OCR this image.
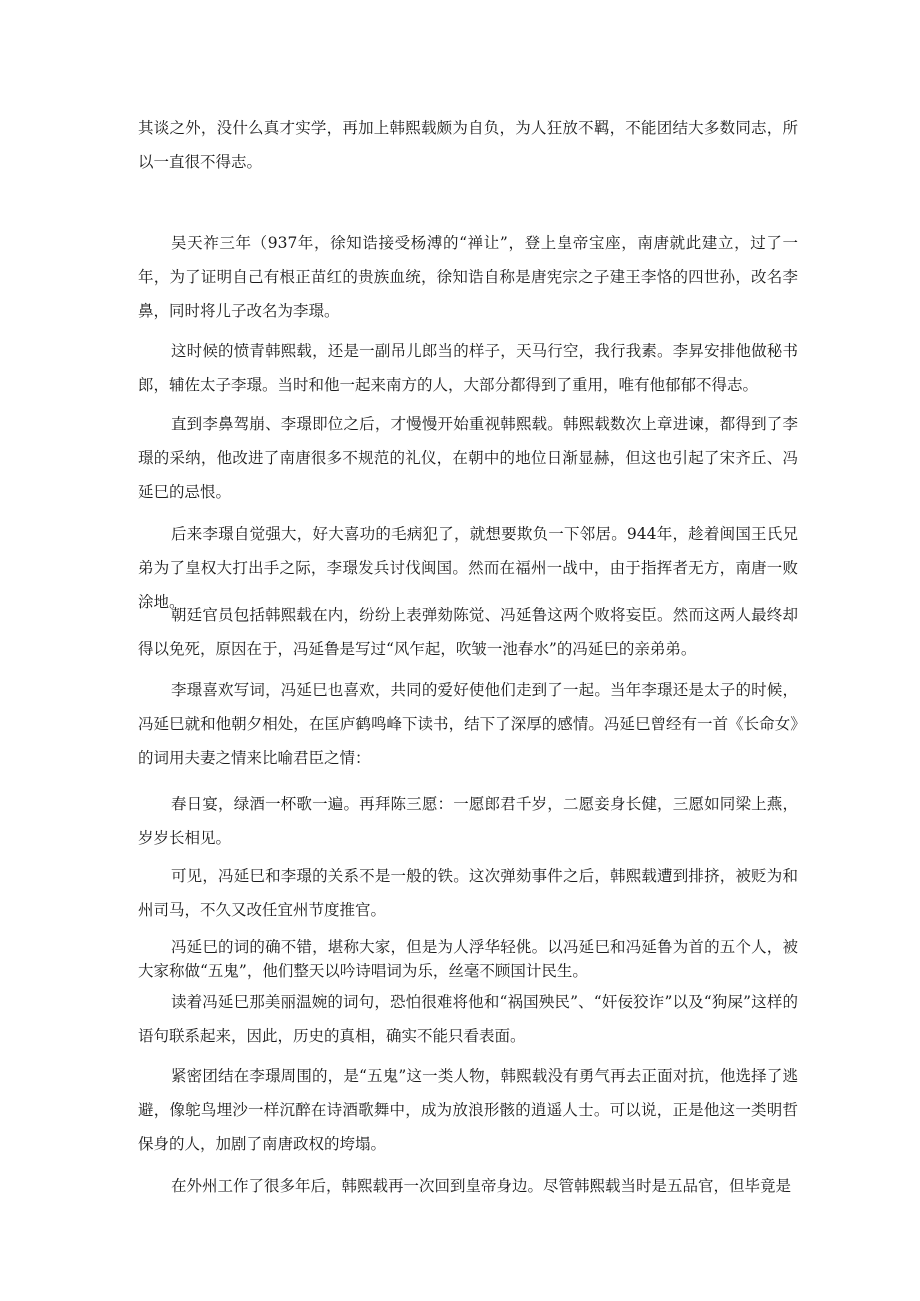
其谈之外，没什么真才实学，再加上韩熙载颇为自负，为人狂放不羁，不能团结大多数同志，所以一直很不得志。

吴天祚三年（937年，徐知诰接受杨溥的“禅让”，登上皇帝宝座，南唐就此建立，过了一年，为了证明自己有根正苗红的贵族血统，徐知诰自称是唐宪宗之子建王李恪的四世孙，改名李鼻，同时将儿子改名为李璟。

这时候的愤青韩熙载，还是一副吊儿郎当的样子，天马行空，我行我素。李昇安排他做秘书郎，辅佐太子李璟。当时和他一起来南方的人，大部分都得到了重用，唯有他郁郁不得志。

直到李鼻驾崩、李璟即位之后，才慢慢开始重视韩熙载。韩熙载数次上章进谏，都得到了李璟的采纳，他改进了南唐很多不规范的礼仪，在朝中的地位日渐显赫，但这也引起了宋齐丘、冯延巳的忌恨。

后来李璟自觉强大，好大喜功的毛病犯了，就想要欺负一下邻居。944年，趁着闽国王氏兄弟为了皇权大打出手之际，李璟发兵讨伐闽国。然而在福州一战中，由于指挥者无方，南唐一败涂地。

朝廷官员包括韩熙载在内，纷纷上表弹劾陈觉、冯延鲁这两个败将妄臣。然而这两人最终却得以免死，原因在于，冯延鲁是写过“风乍起，吹皱一池春水”的冯延巳的亲弟弟。

李璟喜欢写词，冯延巳也喜欢，共同的爱好使他们走到了一起。当年李璟还是太子的时候，冯延巳就和他朝夕相处，在匡庐鹤鸣峰下读书，结下了深厚的感情。冯延巳曾经有一首《长命女》的词用夫妻之情来比喻君臣之情：

春日宴，绿酒一杯歌一遍。再拜陈三愿：一愿郎君千岁，二愿妾身长健，三愿如同梁上燕，岁岁长相见。

可见，冯延巳和李璟的关系不是一般的铁。这次弹劾事件之后，韩熙载遭到排挤，被贬为和州司马，不久又改任宜州节度推官。

冯延巳的词的确不错，堪称大家，但是为人浮华轻佻。以冯延巳和冯延鲁为首的五个人，被大家称做“五鬼”，他们整天以吟诗唱词为乐，丝毫不顾国计民生。

读着冯延巳那美丽温婉的词句，恐怕很难将他和“祸国殃民”、“奸佞狡诈”以及“狗屎”这样的语句联系起来，因此，历史的真相，确实不能只看表面。

紧密团结在李璟周围的，是“五鬼”这一类人物，韩熙载没有勇气再去正面对抗，他选择了逃避，像鸵鸟埋沙一样沉醉在诗酒歌舞中，成为放浪形骸的逍遥人士。可以说，正是他这一类明哲保身的人，加剧了南唐政权的垮塌。

在外州工作了很多年后，韩熙载再一次回到皇帝身边。尽管韩熙载当时是五品官，但毕竟是
